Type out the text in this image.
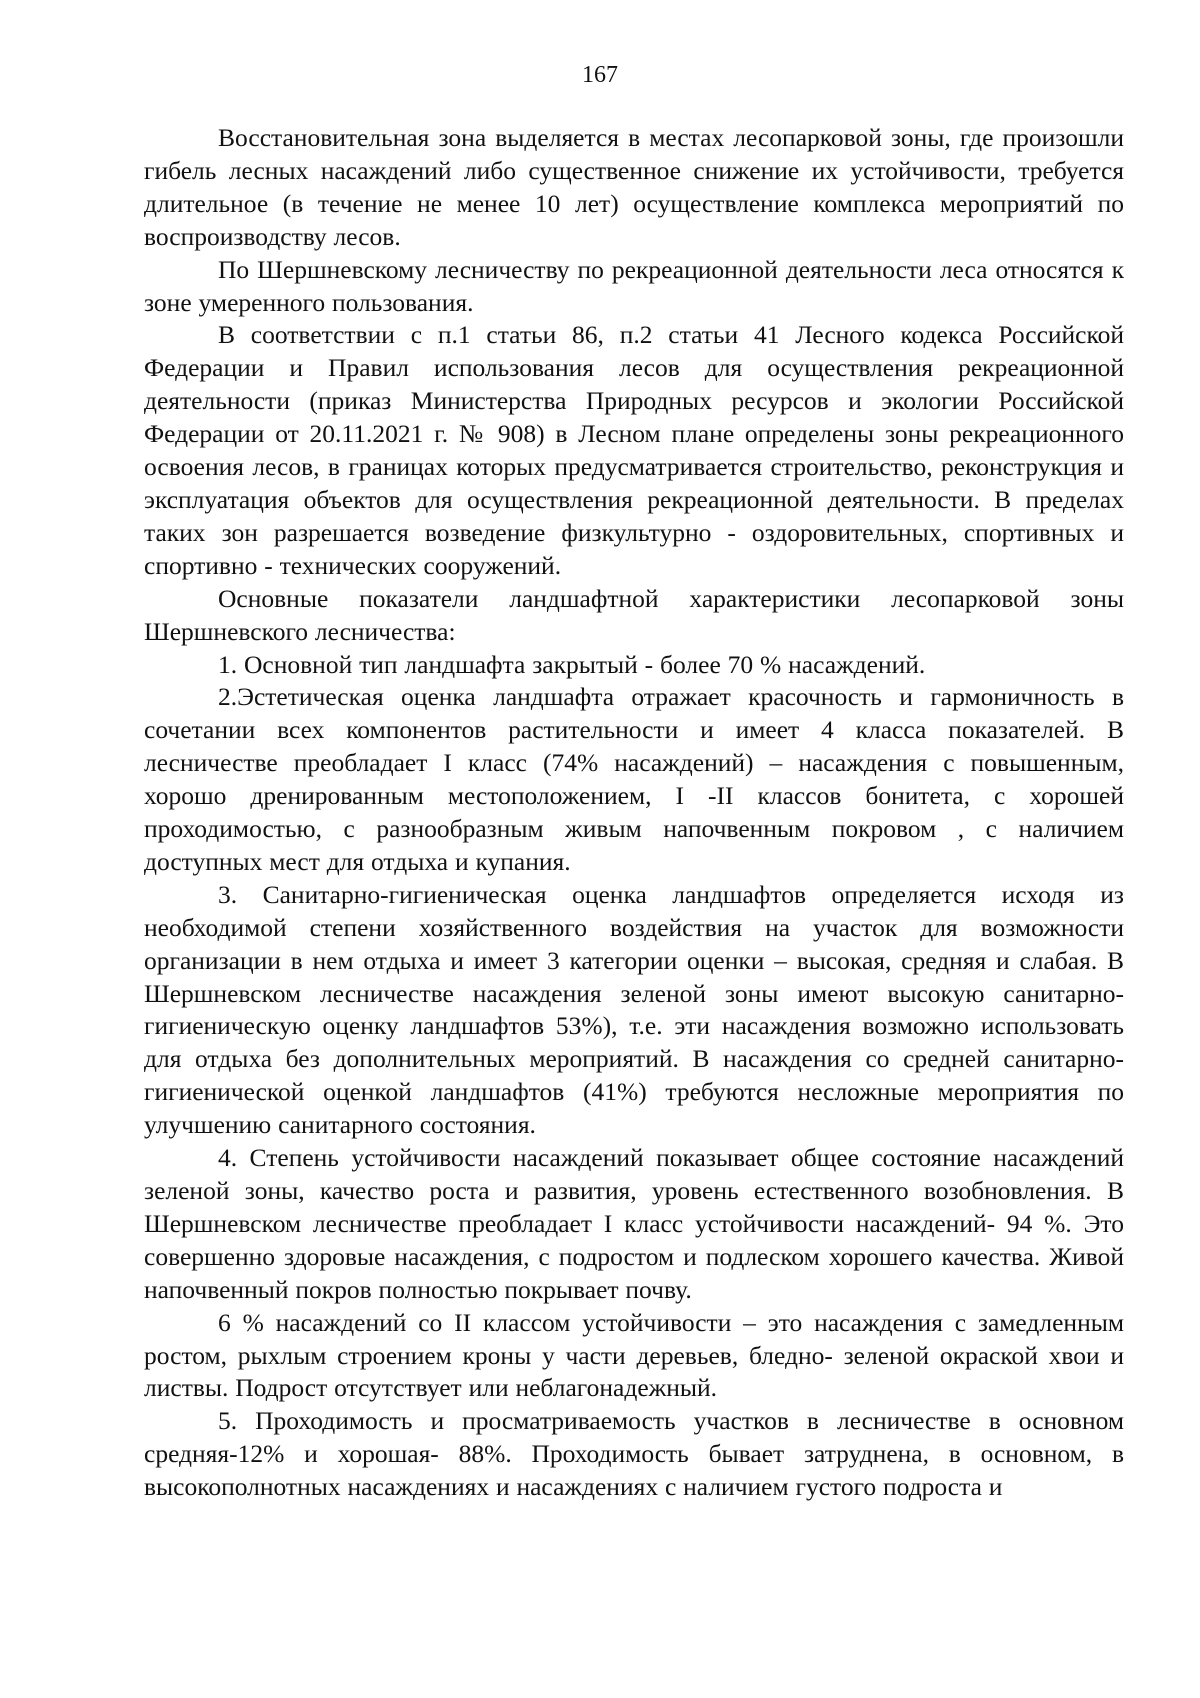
167

Восстановительная зона выделяется в местах лесопарковой зоны, где произошли гибель лесных насаждений либо существенное снижение их устойчивости, требуется длительное (в течение не менее 10 лет) осуществление комплекса мероприятий по воспроизводству лесов.

По Шершневскому лесничеству по рекреационной деятельности леса относятся к зоне умеренного пользования.

В соответствии с п.1 статьи 86, п.2 статьи 41 Лесного кодекса Российской Федерации и Правил использования лесов для осуществления рекреационной деятельности (приказ Министерства Природных ресурсов и экологии Российской Федерации от 20.11.2021 г. № 908) в Лесном плане определены зоны рекреационного освоения лесов, в границах которых предусматривается строительство, реконструкция и эксплуатация объектов для осуществления рекреационной деятельности. В пределах таких зон разрешается возведение физкультурно - оздоровительных, спортивных и спортивно - технических сооружений.

Основные показатели ландшафтной характеристики лесопарковой зоны Шершневского лесничества:

1. Основной тип ландшафта закрытый - более 70 % насаждений.

2.Эстетическая оценка ландшафта отражает красочность и гармоничность в сочетании всех компонентов растительности и имеет 4 класса показателей. В лесничестве преобладает I класс (74% насаждений) – насаждения с повышенным, хорошо дренированным местоположением, I -II классов бонитета, с хорошей проходимостью, с разнообразным живым напочвенным покровом , с наличием доступных мест для отдыха и купания.

3. Санитарно-гигиеническая оценка ландшафтов определяется исходя из необходимой степени хозяйственного воздействия на участок для возможности организации в нем отдыха и имеет 3 категории оценки – высокая, средняя и слабая. В Шершневском лесничестве насаждения зеленой зоны имеют высокую санитарно-гигиеническую оценку ландшафтов 53%), т.е. эти насаждения возможно использовать для отдыха без дополнительных мероприятий. В насаждения со средней санитарно-гигиенической оценкой ландшафтов (41%) требуются несложные мероприятия по улучшению санитарного состояния.

4. Степень устойчивости насаждений показывает общее состояние насаждений зеленой зоны, качество роста и развития, уровень естественного возобновления. В Шершневском лесничестве преобладает I класс устойчивости насаждений- 94 %. Это совершенно здоровые насаждения, с подростом и подлеском хорошего качества. Живой напочвенный покров полностью покрывает почву.

6 % насаждений со II классом устойчивости – это насаждения с замедленным ростом, рыхлым строением кроны у части деревьев, бледно- зеленой окраской хвои и листвы. Подрост отсутствует или неблагонадежный.

5. Проходимость и просматриваемость участков в лесничестве в основном средняя-12% и хорошая- 88%. Проходимость бывает затруднена, в основном, в высокополнотных насаждениях и насаждениях с наличием густого подроста и
